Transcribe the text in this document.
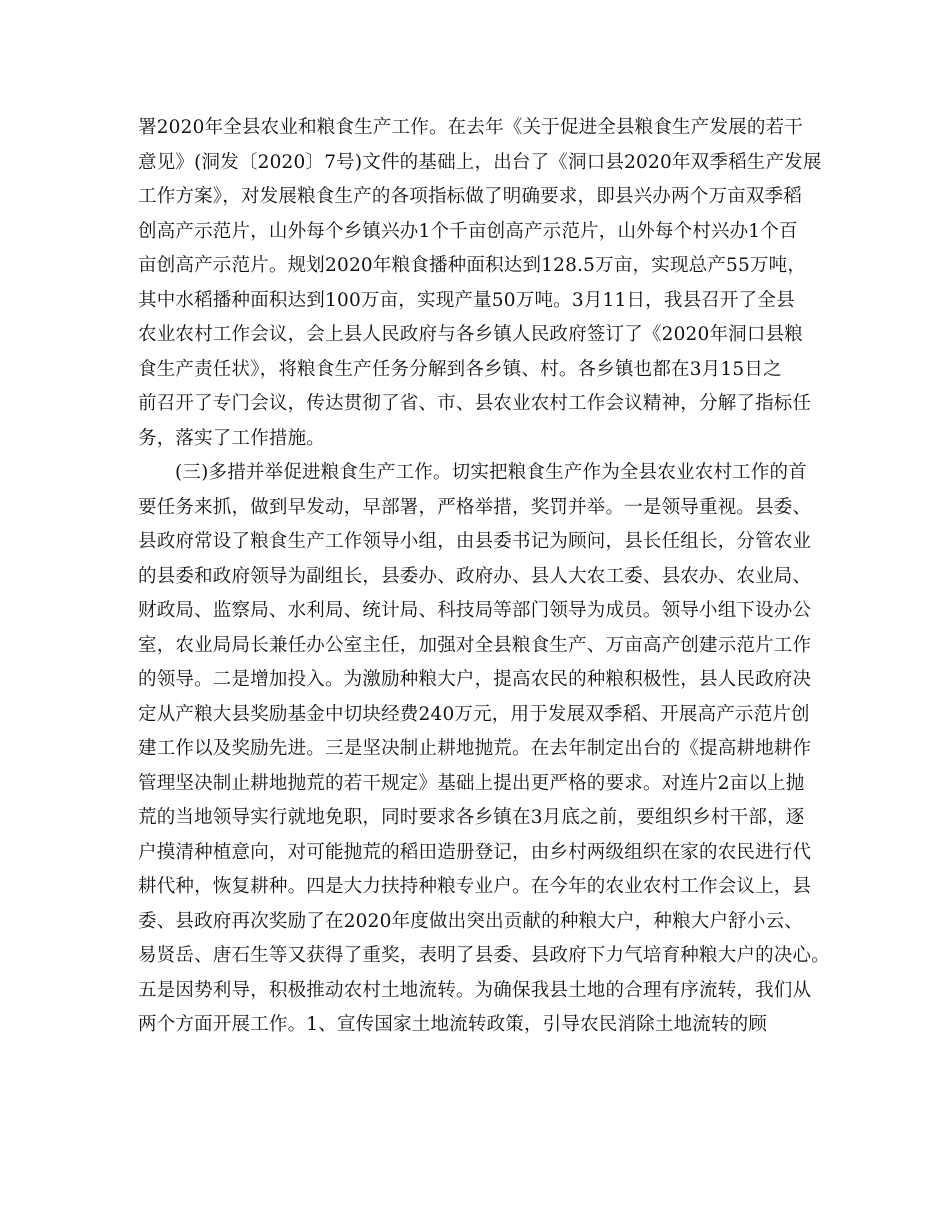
署2020年全县农业和粮食生产工作。在去年《关于促进全县粮食生产发展的若干
意见》(洞发〔2020〕7号)文件的基础上，出台了《洞口县2020年双季稻生产发展
工作方案》，对发展粮食生产的各项指标做了明确要求，即县兴办两个万亩双季稻
创高产示范片，山外每个乡镇兴办1个千亩创高产示范片，山外每个村兴办1个百
亩创高产示范片。规划2020年粮食播种面积达到128.5万亩，实现总产55万吨，
其中水稻播种面积达到100万亩，实现产量50万吨。3月11日，我县召开了全县
农业农村工作会议，会上县人民政府与各乡镇人民政府签订了《2020年洞口县粮
食生产责任状》，将粮食生产任务分解到各乡镇、村。各乡镇也都在3月15日之
前召开了专门会议，传达贯彻了省、市、县农业农村工作会议精神，分解了指标任
务，落实了工作措施。
(三)多措并举促进粮食生产工作。切实把粮食生产作为全县农业农村工作的首
要任务来抓，做到早发动，早部署，严格举措，奖罚并举。一是领导重视。县委、
县政府常设了粮食生产工作领导小组，由县委书记为顾问，县长任组长，分管农业
的县委和政府领导为副组长，县委办、政府办、县人大农工委、县农办、农业局、
财政局、监察局、水利局、统计局、科技局等部门领导为成员。领导小组下设办公
室，农业局局长兼任办公室主任，加强对全县粮食生产、万亩高产创建示范片工作
的领导。二是增加投入。为激励种粮大户，提高农民的种粮积极性，县人民政府决
定从产粮大县奖励基金中切块经费240万元，用于发展双季稻、开展高产示范片创
建工作以及奖励先进。三是坚决制止耕地抛荒。在去年制定出台的《提高耕地耕作
管理坚决制止耕地抛荒的若干规定》基础上提出更严格的要求。对连片2亩以上抛
荒的当地领导实行就地免职，同时要求各乡镇在3月底之前，要组织乡村干部，逐
户摸清种植意向，对可能抛荒的稻田造册登记，由乡村两级组织在家的农民进行代
耕代种，恢复耕种。四是大力扶持种粮专业户。在今年的农业农村工作会议上，县
委、县政府再次奖励了在2020年度做出突出贡献的种粮大户，种粮大户舒小云、
易贤岳、唐石生等又获得了重奖，表明了县委、县政府下力气培育种粮大户的决心。
五是因势利导，积极推动农村土地流转。为确保我县土地的合理有序流转，我们从
两个方面开展工作。1、宣传国家土地流转政策，引导农民消除土地流转的顾
